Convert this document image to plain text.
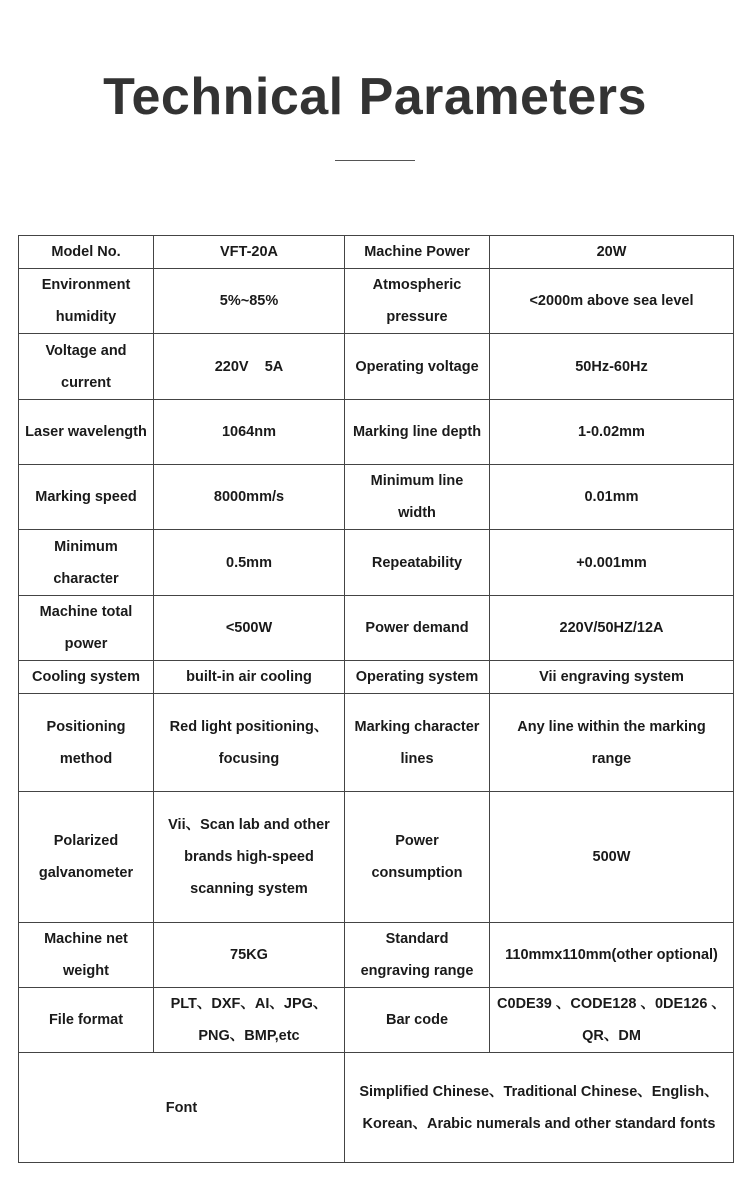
Technical Parameters
Model No.	VFT-20A	Machine Power	20W
Environment humidity	5%~85%	Atmospheric pressure	<2000m above sea level
Voltage and current	220V    5A	Operating voltage	50Hz-60Hz
Laser wavelength	1064nm	Marking line depth	1-0.02mm
Marking speed	8000mm/s	Minimum line width	0.01mm
Minimum character	0.5mm	Repeatability	+0.001mm
Machine total power	<500W	Power demand	220V/50HZ/12A
Cooling system	built-in air cooling	Operating system	Vii engraving system
Positioning method	Red light positioning、focusing	Marking character lines	Any line within the marking range
Polarized galvanometer	Vii、Scan lab and other brands high-speed scanning system	Power consumption	500W
Machine net weight	75KG	Standard engraving range	110mmx110mm(other optional)
File format	PLT、DXF、AI、JPG、PNG、BMP,etc	Bar code	C0DE39 、CODE128 、0DE126 、QR、DM
Font		Simplified Chinese、Traditional Chinese、English、Korean、Arabic numerals and other standard fonts	
